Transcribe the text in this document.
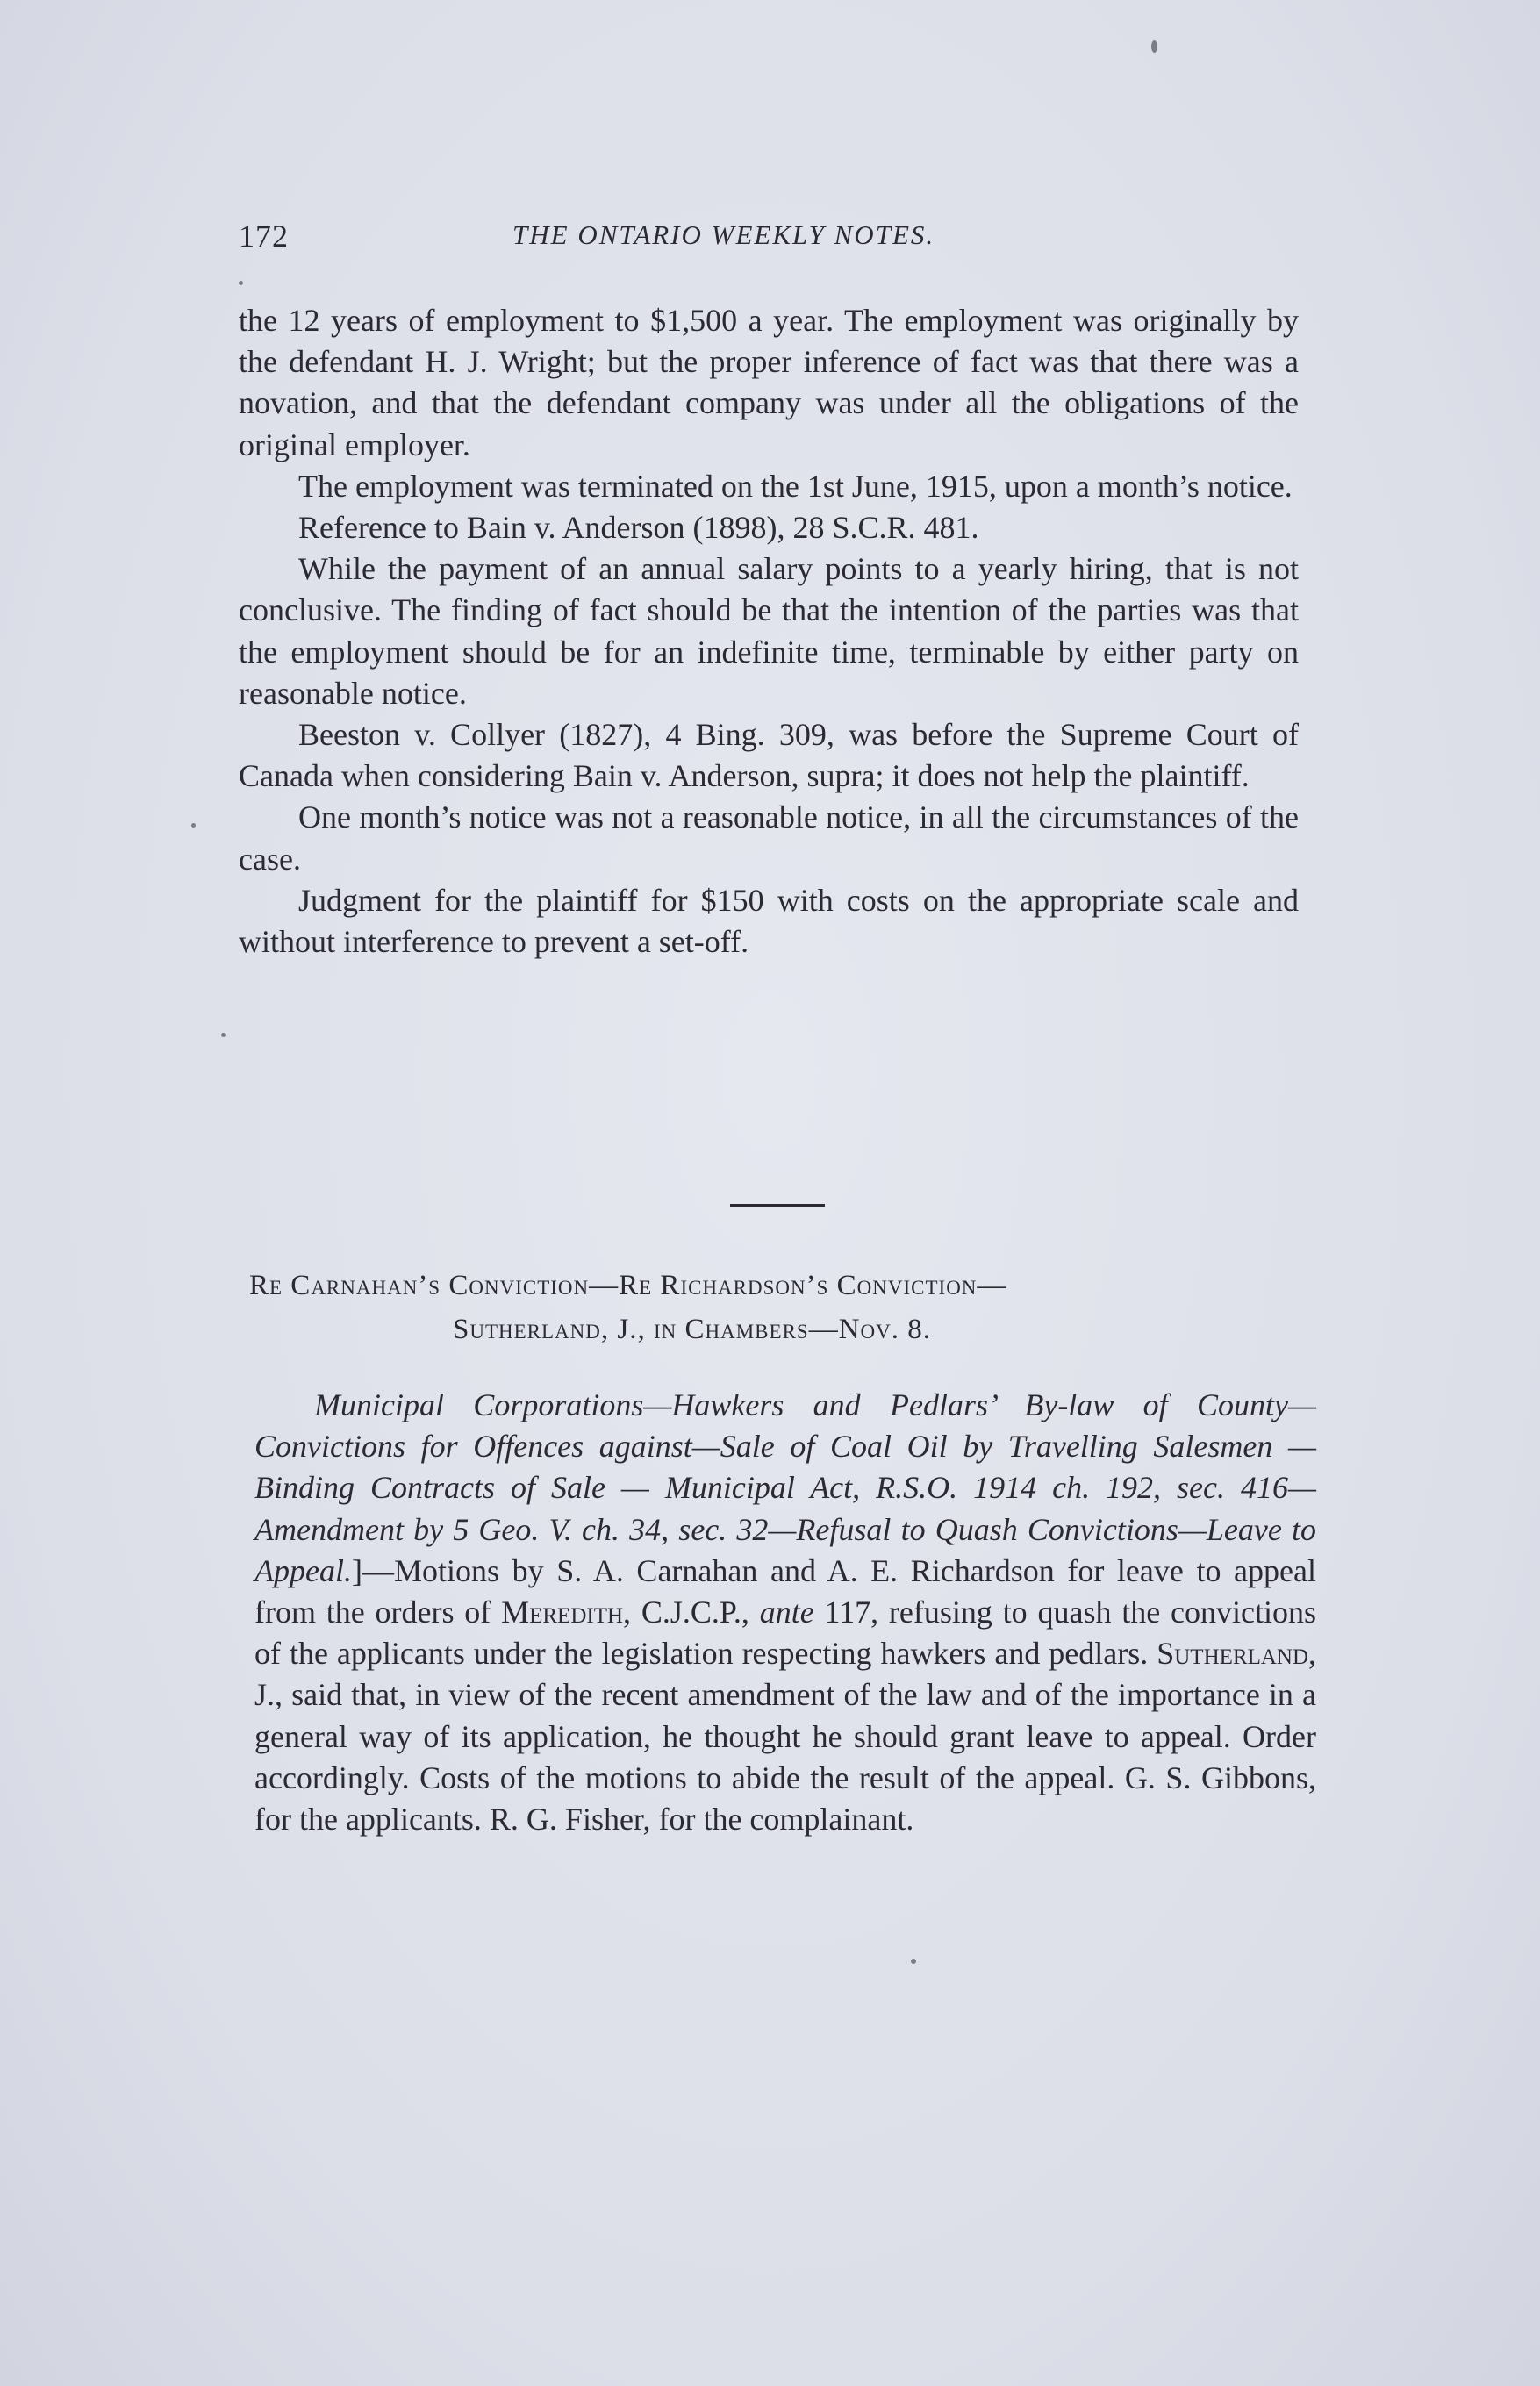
172	THE ONTARIO WEEKLY NOTES.

the 12 years of employment to $1,500 a year. The employment was originally by the defendant H. J. Wright; but the proper inference of fact was that there was a novation, and that the defendant company was under all the obligations of the original employer.

The employment was terminated on the 1st June, 1915, upon a month’s notice.

Reference to Bain v. Anderson (1898), 28 S.C.R. 481.

While the payment of an annual salary points to a yearly hiring, that is not conclusive. The finding of fact should be that the intention of the parties was that the employment should be for an indefinite time, terminable by either party on reasonable notice.

Beeston v. Collyer (1827), 4 Bing. 309, was before the Supreme Court of Canada when considering Bain v. Anderson, supra; it does not help the plaintiff.

One month’s notice was not a reasonable notice, in all the circumstances of the case.

Judgment for the plaintiff for $150 with costs on the appropriate scale and without interference to prevent a set-off.

Re Carnahan’s Conviction—Re Richardson’s Conviction—
Sutherland, J., in Chambers—Nov. 8.

Municipal Corporations—Hawkers and Pedlars’ By-law of County—Convictions for Offences against—Sale of Coal Oil by Travelling Salesmen — Binding Contracts of Sale — Municipal Act, R.S.O. 1914 ch. 192, sec. 416—Amendment by 5 Geo. V. ch. 34, sec. 32—Refusal to Quash Convictions—Leave to Appeal.]—Motions by S. A. Carnahan and A. E. Richardson for leave to appeal from the orders of Meredith, C.J.C.P., ante 117, refusing to quash the convictions of the applicants under the legislation respecting hawkers and pedlars. Sutherland, J., said that, in view of the recent amendment of the law and of the importance in a general way of its application, he thought he should grant leave to appeal. Order accordingly. Costs of the motions to abide the result of the appeal. G. S. Gibbons, for the applicants. R. G. Fisher, for the complainant.
